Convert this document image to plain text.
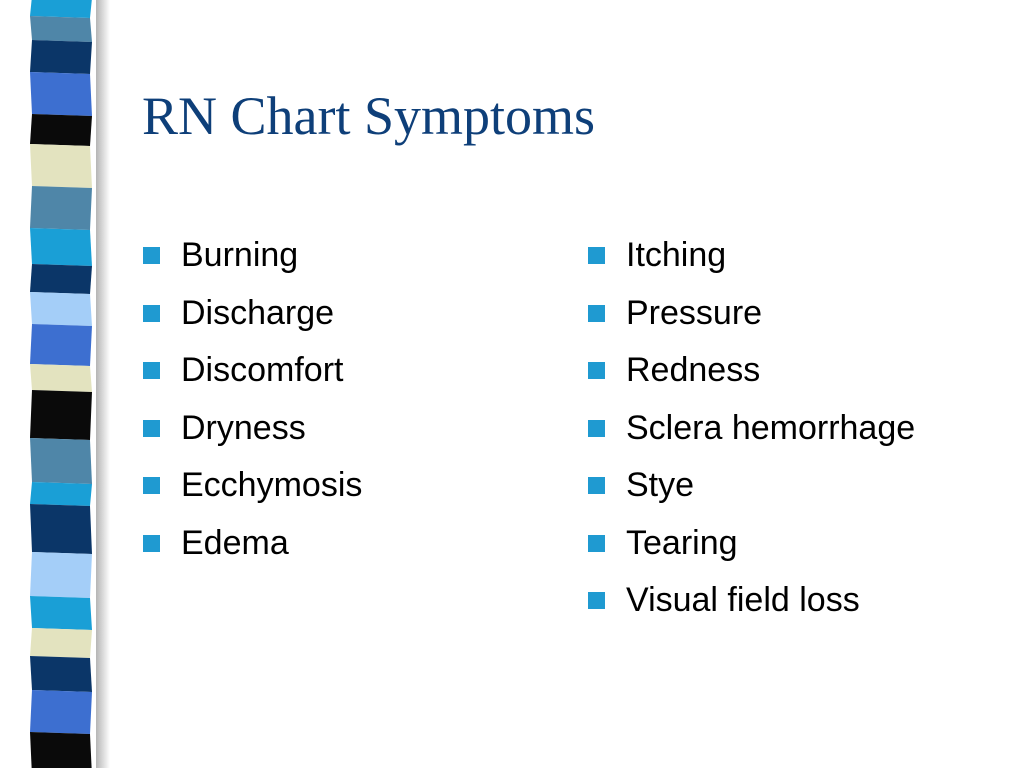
RN Chart Symptoms
Burning
Discharge
Discomfort
Dryness
Ecchymosis
Edema
Itching
Pressure
Redness
Sclera hemorrhage
Stye
Tearing
Visual field loss
